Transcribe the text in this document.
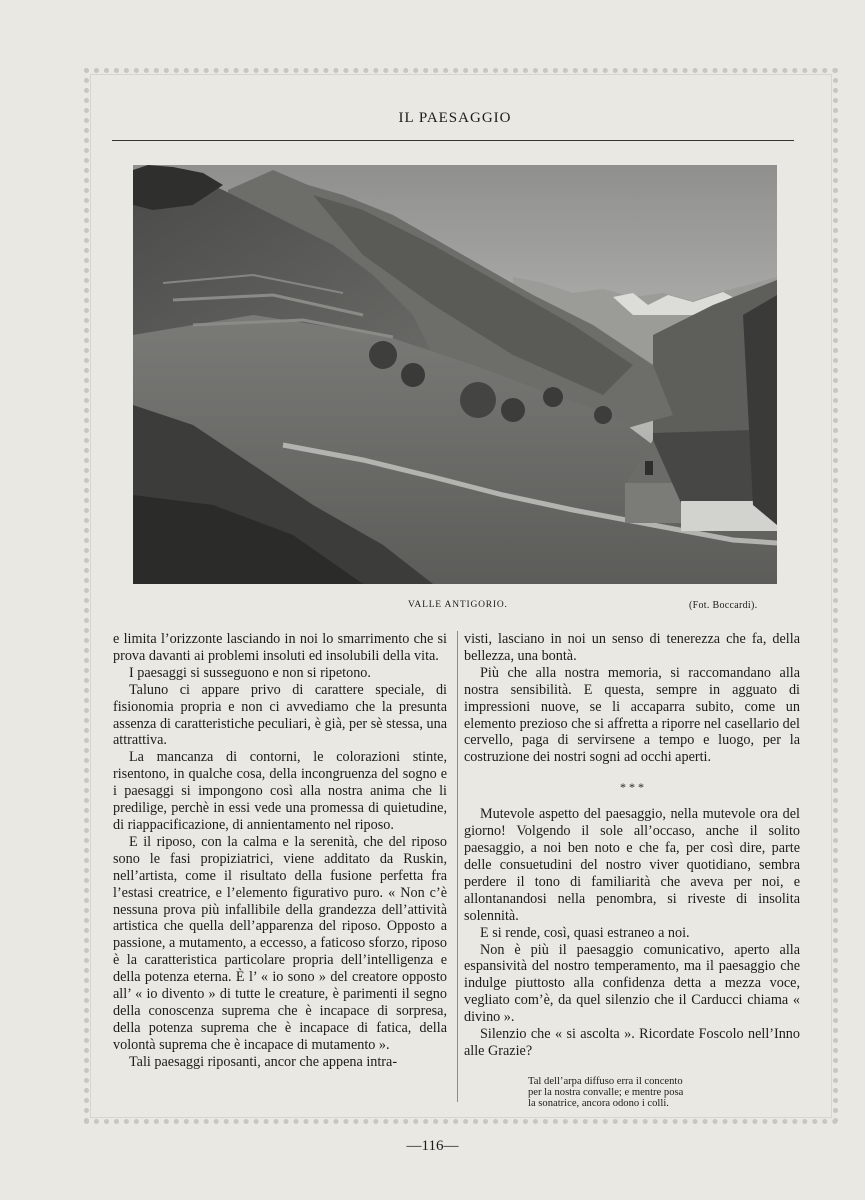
IL PAESAGGIO
VALLE ANTIGORIO.	(Fot. Boccardi).

e limita l’orizzonte lasciando in noi lo smarrimento che si prova davanti ai problemi insoluti ed insolubili della vita.

I paesaggi si susseguono e non si ripetono.

Taluno ci appare privo di carattere speciale, di fisionomia propria e non ci avvediamo che la presunta assenza di caratteristiche peculiari, è già, per sè stessa, una attrattiva.

La mancanza di contorni, le colorazioni stinte, risentono, in qualche cosa, della incongruenza del sogno e i paesaggi si impongono così alla nostra anima che li predilige, perchè in essi vede una promessa di quietudine, di riappacificazione, di annientamento nel riposo.

E il riposo, con la calma e la serenità, che del riposo sono le fasi propiziatrici, viene additato da Ruskin, nell’artista, come il risultato della fusione perfetta fra l’estasi creatrice, e l’elemento figurativo puro. « Non c’è nessuna prova più infallibile della grandezza dell’attività artistica che quella dell’apparenza del riposo. Opposto a passione, a mutamento, a eccesso, a faticoso sforzo, riposo è la caratteristica particolare propria dell’intelligenza e della potenza eterna. È l’ « io sono » del creatore opposto all’ « io divento » di tutte le creature, è parimenti il segno della conoscenza suprema che è incapace di sorpresa, della potenza suprema che è incapace di fatica, della volontà suprema che è incapace di mutamento ».

Tali paesaggi riposanti, ancor che appena intra-

visti, lasciano in noi un senso di tenerezza che fa, della bellezza, una bontà.

Più che alla nostra memoria, si raccomandano alla nostra sensibilità. E questa, sempre in agguato di impressioni nuove, se li accaparra subito, come un elemento prezioso che si affretta a riporre nel casellario del cervello, paga di servirsene a tempo e luogo, per la costruzione dei nostri sogni ad occhi aperti.

* * *

Mutevole aspetto del paesaggio, nella mutevole ora del giorno! Volgendo il sole all’occaso, anche il solito paesaggio, a noi ben noto e che fa, per così dire, parte delle consuetudini del nostro viver quotidiano, sembra perdere il tono di familiarità che aveva per noi, e allontanandosi nella penombra, si riveste di insolita solennità.

E si rende, così, quasi estraneo a noi.

Non è più il paesaggio comunicativo, aperto alla espansività del nostro temperamento, ma il paesaggio che indulge piuttosto alla confidenza detta a mezza voce, vegliato com’è, da quel silenzio che il Carducci chiama « divino ».

Silenzio che « si ascolta ». Ricordate Foscolo nell’Inno alle Grazie?

Tal dell’arpa diffuso erra il concento
per la nostra convalle; e mentre posa
la sonatrice, ancora odono i colli.
—116—
